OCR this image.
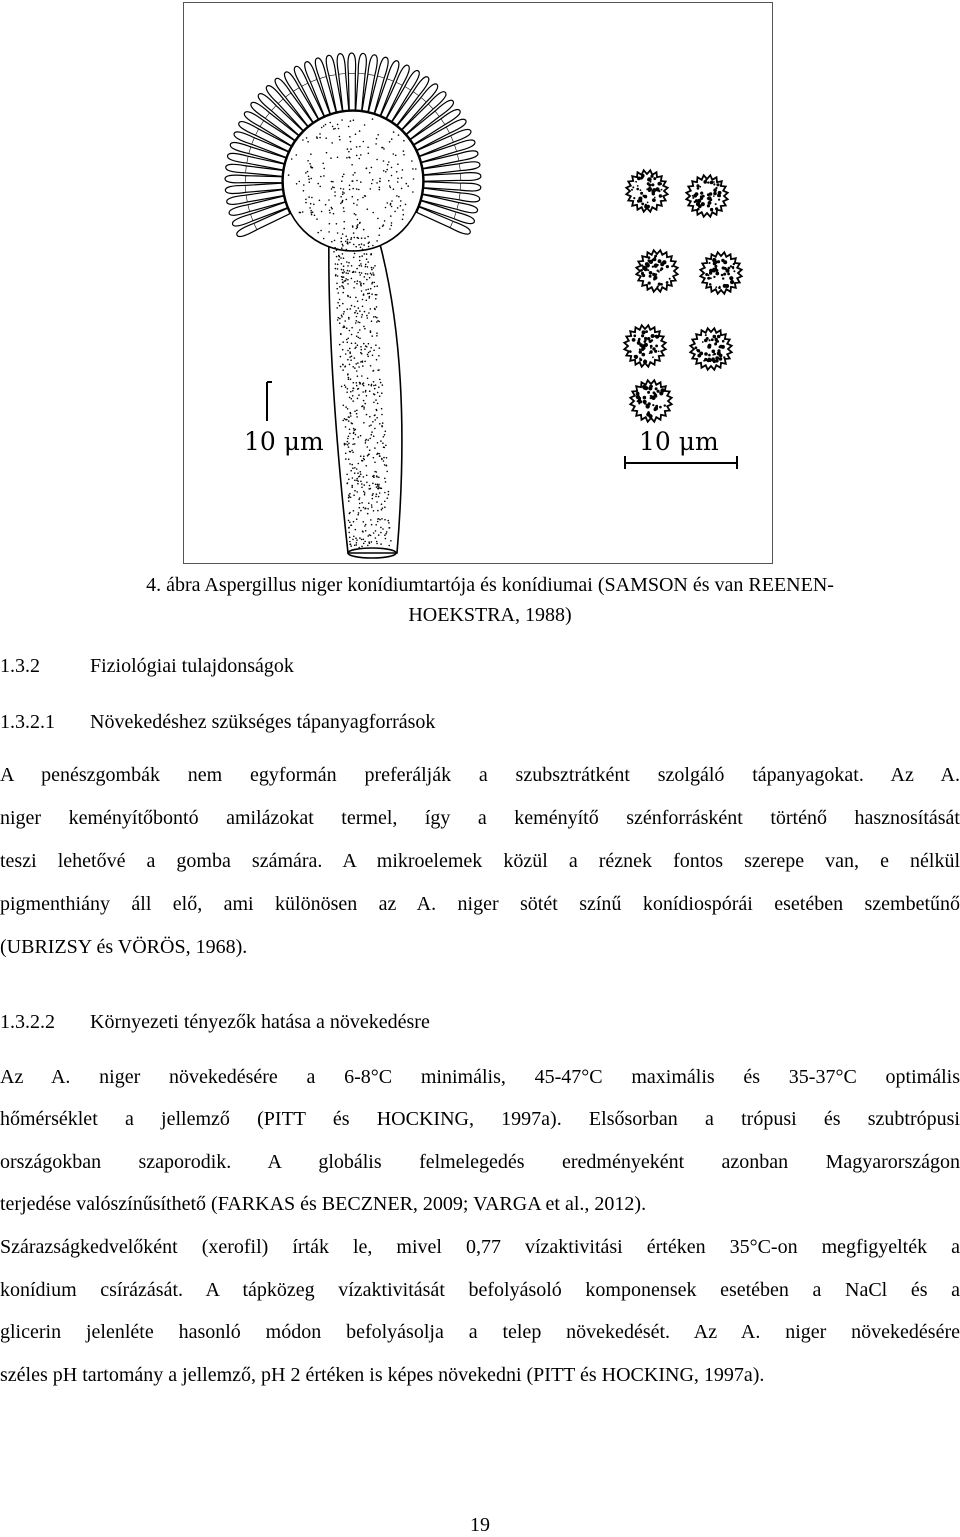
10 μm	10 μm
4. ábra Aspergillus niger konídiumtartója és konídiumai (SAMSON és van REENEN-
HOEKSTRA, 1988)
1.3.2	Fiziológiai tulajdonságok
1.3.2.1 Növekedéshez szükséges tápanyagforrások
A penészgombák nem egyformán preferálják a szubsztrátként szolgáló tápanyagokat. Az A.
niger keményítőbontó amilázokat termel, így a keményítő szénforrásként történő hasznosítását
teszi lehetővé a gomba számára. A mikroelemek közül a réznek fontos szerepe van, e nélkül
pigmenthiány áll elő, ami különösen az A. niger sötét színű konídiospórái esetében szembetűnő
(UBRIZSY és VÖRÖS, 1968).
1.3.2.2 Környezeti tényezők hatása a növekedésre
Az A. niger növekedésére a 6-8°C minimális, 45-47°C maximális és 35-37°C optimális
hőmérséklet a jellemző (PITT és HOCKING, 1997a). Elsősorban a trópusi és szubtrópusi
országokban szaporodik. A globális felmelegedés eredményeként azonban Magyarországon
terjedése valószínűsíthető (FARKAS és BECZNER, 2009; VARGA et al., 2012).
Szárazságkedvelőként (xerofil) írták le, mivel 0,77 vízaktivitási értéken 35°C-on megfigyelték a
konídium csírázását. A tápközeg vízaktivitását befolyásoló komponensek esetében a NaCl és a
glicerin jelenléte hasonló módon befolyásolja a telep növekedését. Az A. niger növekedésére
széles pH tartomány a jellemző, pH 2 értéken is képes növekedni (PITT és HOCKING, 1997a).
19
